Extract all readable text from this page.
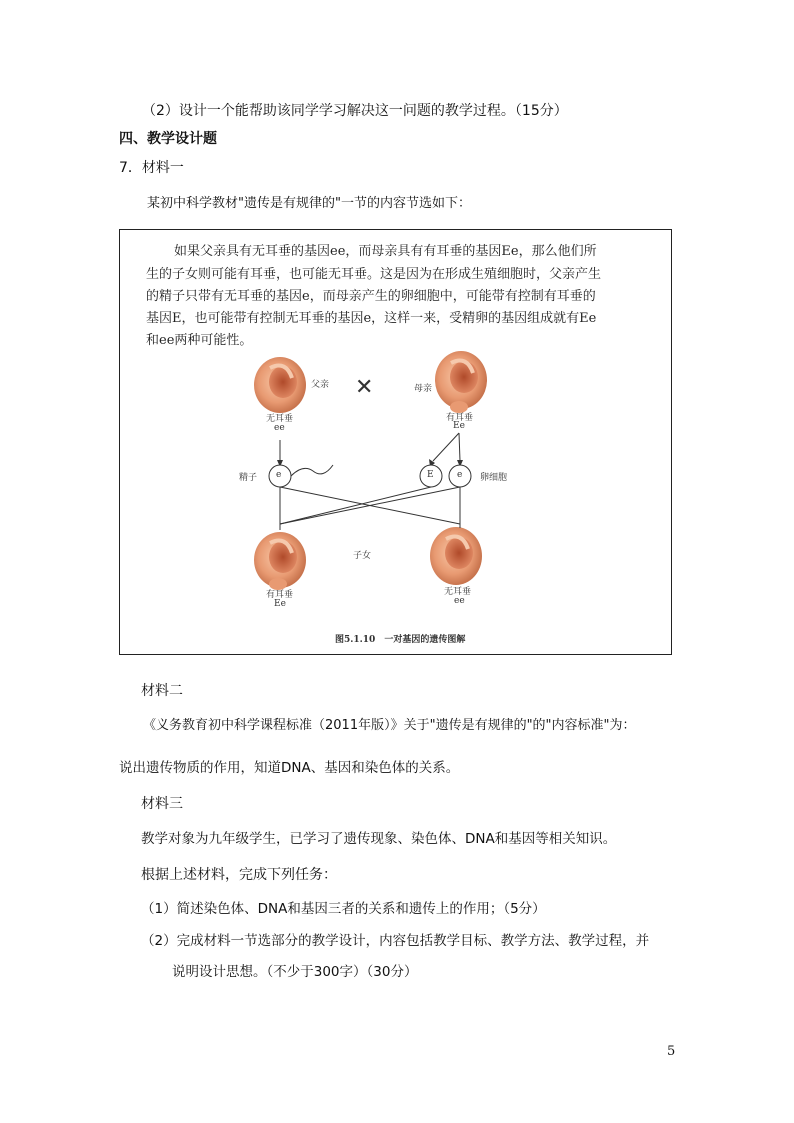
（2）设计一个能帮助该同学学习解决这一问题的教学过程。（15分）
四、教学设计题
7．材料一
某初中科学教材"遗传是有规律的"一节的内容节选如下：
如果父亲具有无耳垂的基因ee，而母亲具有有耳垂的基因Ee，那么他们所
生的子女则可能有耳垂，也可能无耳垂。这是因为在形成生殖细胞时，父亲产生
的精子只带有无耳垂的基因e，而母亲产生的卵细胞中，可能带有控制有耳垂的
基因E，也可能带有控制无耳垂的基因e，这样一来，受精卵的基因组成就有Ee
和ee两种可能性。
父亲 ✕	母亲
无耳垂
ee
有耳垂
Ee
精子 e	E	e 卵细胞
子女
有耳垂
Ee
无耳垂
ee
图5.1.10　一对基因的遗传图解
材料二
《义务教育初中科学课程标准（2011年版）》关于"遗传是有规律的"的"内容标准"为：
说出遗传物质的作用，知道DNA、基因和染色体的关系。
材料三
教学对象为九年级学生，已学习了遗传现象、染色体、DNA和基因等相关知识。
根据上述材料，完成下列任务：
（1）简述染色体、DNA和基因三者的关系和遗传上的作用；（5分）
（2）完成材料一节选部分的教学设计，内容包括教学目标、教学方法、教学过程，并
说明设计思想。（不少于300字）（30分）
5
